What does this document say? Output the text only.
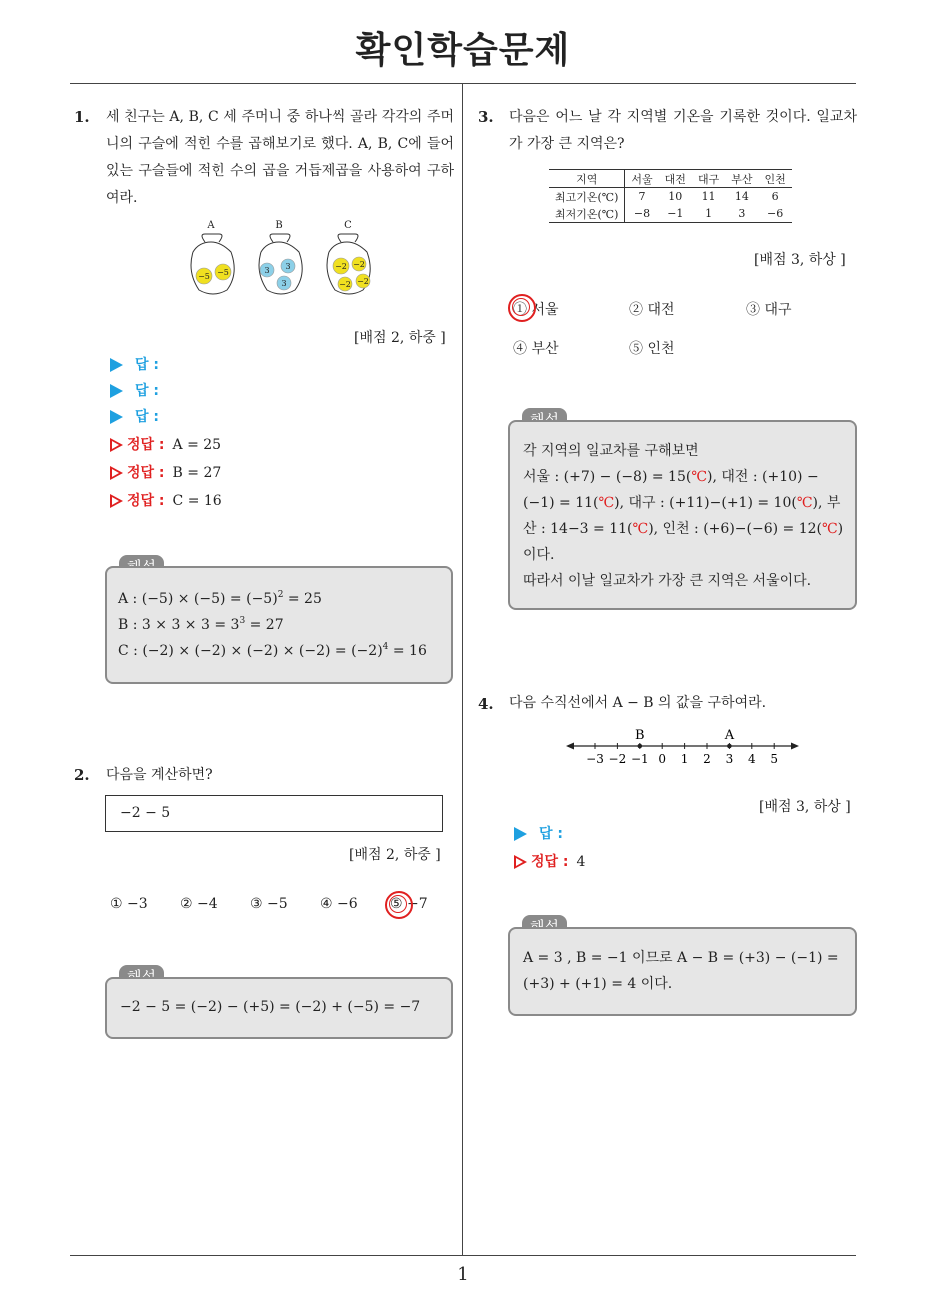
확인학습문제
1
1. 세 친구는 A, B, C 세 주머니 중 하나씩 골라 각각의 주머니의 구슬에 적힌 수를 곱해보기로 했다. A, B, C에 들어있는 구슬들에 적힌 수의 곱을 거듭제곱을 사용하여 구하여라.
A	B	C
−5 −5	3 3
3
−2 −2
−2 −2
[배점 2, 하중 ]
답 :
답 :
답 :
정답 : A = 25
정답 : B = 27
정답 : C = 16
A : $(-5) \times (-5) = (-5)^2 = 25$
B : $3 \times 3 \times 3 = 3^3 = 27$
C : $(-2) \times (-2) \times (-2) \times (-2) = (-2)^4 = 16$
2. 다음을 계산하면?
−2 − 5
[배점 2, 하중 ]
① −3 ② −4 ③ −5 ④ −6 ⑤ −7
−2 − 5 = (−2) − (+5) = (−2) + (−5) = −7
3. 다음은 어느 날 각 지역별 기온을 기록한 것이다. 일교차가 가장 큰 지역은?
지역	서울	대전	대구	부산	인천
최고기온(℃)	7	10	11	14	6
최저기온(℃)	−8	−1	1	3	−6
[배점 3, 하상 ]
① 서울	② 대전	③ 대구
④ 부산	⑤ 인천
각 지역의 일교차를 구해보면
서울 : (+7) − (−8) = 15(℃), 대전 : (+10) −
(−1) = 11(℃), 대구 : (+11)−(+1) = 10(℃), 부
산 : 14−3 = 11(℃), 인천 : (+6)−(−6) = 12(℃)
이다.
따라서 이날 일교차가 가장 큰 지역은 서울이다.
4. 다음 수직선에서 A − B 의 값을 구하여라.
−3 −2 −1 0 1 2 3 4 5
B	A
[배점 3, 하상 ]
답 :
정답 : 4
A = 3 , B = −1 이므로 A − B = (+3) − (−1) =
(+3) + (+1) = 4 이다.
